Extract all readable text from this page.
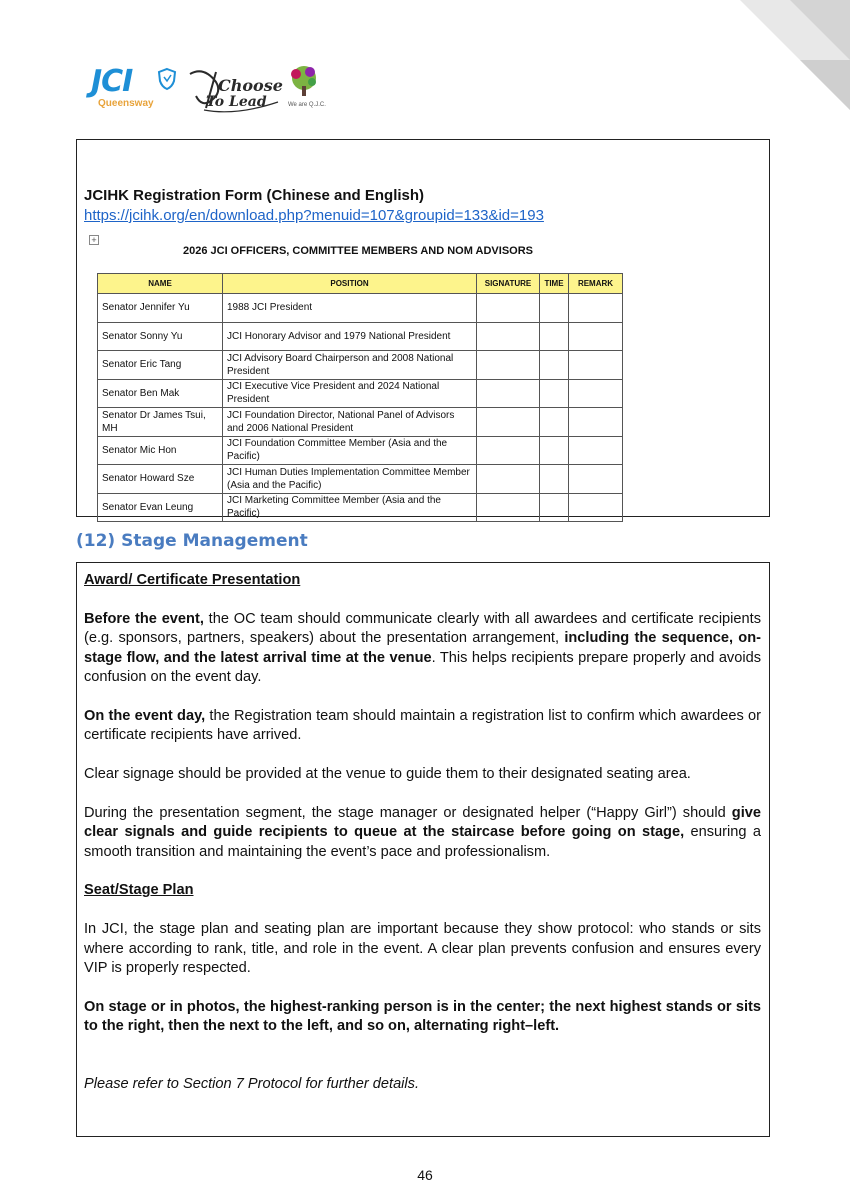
JCI
Queensway
Choose
To Lead	We are Q.J.C.
JCIHK Registration Form (Chinese and English)
https://jcihk.org/en/download.php?menuid=107&groupid=133&id=193
+
2026 JCI OFFICERS, COMMITTEE MEMBERS AND NOM ADVISORS
NAME	POSITION	SIGNATURE	TIME	REMARK
Senator Jennifer Yu	1988 JCI President			
Senator Sonny Yu	JCI Honorary Advisor and 1979 National President			
Senator Eric Tang	JCI Advisory Board Chairperson and 2008 National President			
Senator Ben Mak	JCI Executive Vice President and 2024 National President			
Senator Dr James Tsui, MH	JCI Foundation Director, National Panel of Advisors and 2006 National President			
Senator Mic Hon	JCI Foundation Committee Member (Asia and the Pacific)			
Senator Howard Sze	JCI Human Duties Implementation Committee Member (Asia and the Pacific)			
Senator Evan Leung	JCI Marketing Committee Member (Asia and the Pacific)			
(12) Stage Management

Award/ Certificate Presentation

Before the event, the OC team should communicate clearly with all awardees and certificate recipients (e.g. sponsors, partners, speakers) about the presentation arrangement, including the sequence, on-stage flow, and the latest arrival time at the venue. This helps recipients prepare properly and avoids confusion on the event day.

On the event day, the Registration team should maintain a registration list to confirm which awardees or certificate recipients have arrived.

Clear signage should be provided at the venue to guide them to their designated seating area.

During the presentation segment, the stage manager or designated helper (“Happy Girl”) should give clear signals and guide recipients to queue at the staircase before going on stage, ensuring a smooth transition and maintaining the event’s pace and professionalism.

Seat/Stage Plan

In JCI, the stage plan and seating plan are important because they show protocol: who stands or sits where according to rank, title, and role in the event. A clear plan prevents confusion and ensures every VIP is properly respected.

On stage or in photos, the highest-ranking person is in the center; the next highest stands or sits to the right, then the next to the left, and so on, alternating right–left.

Please refer to Section 7 Protocol for further details.

46
